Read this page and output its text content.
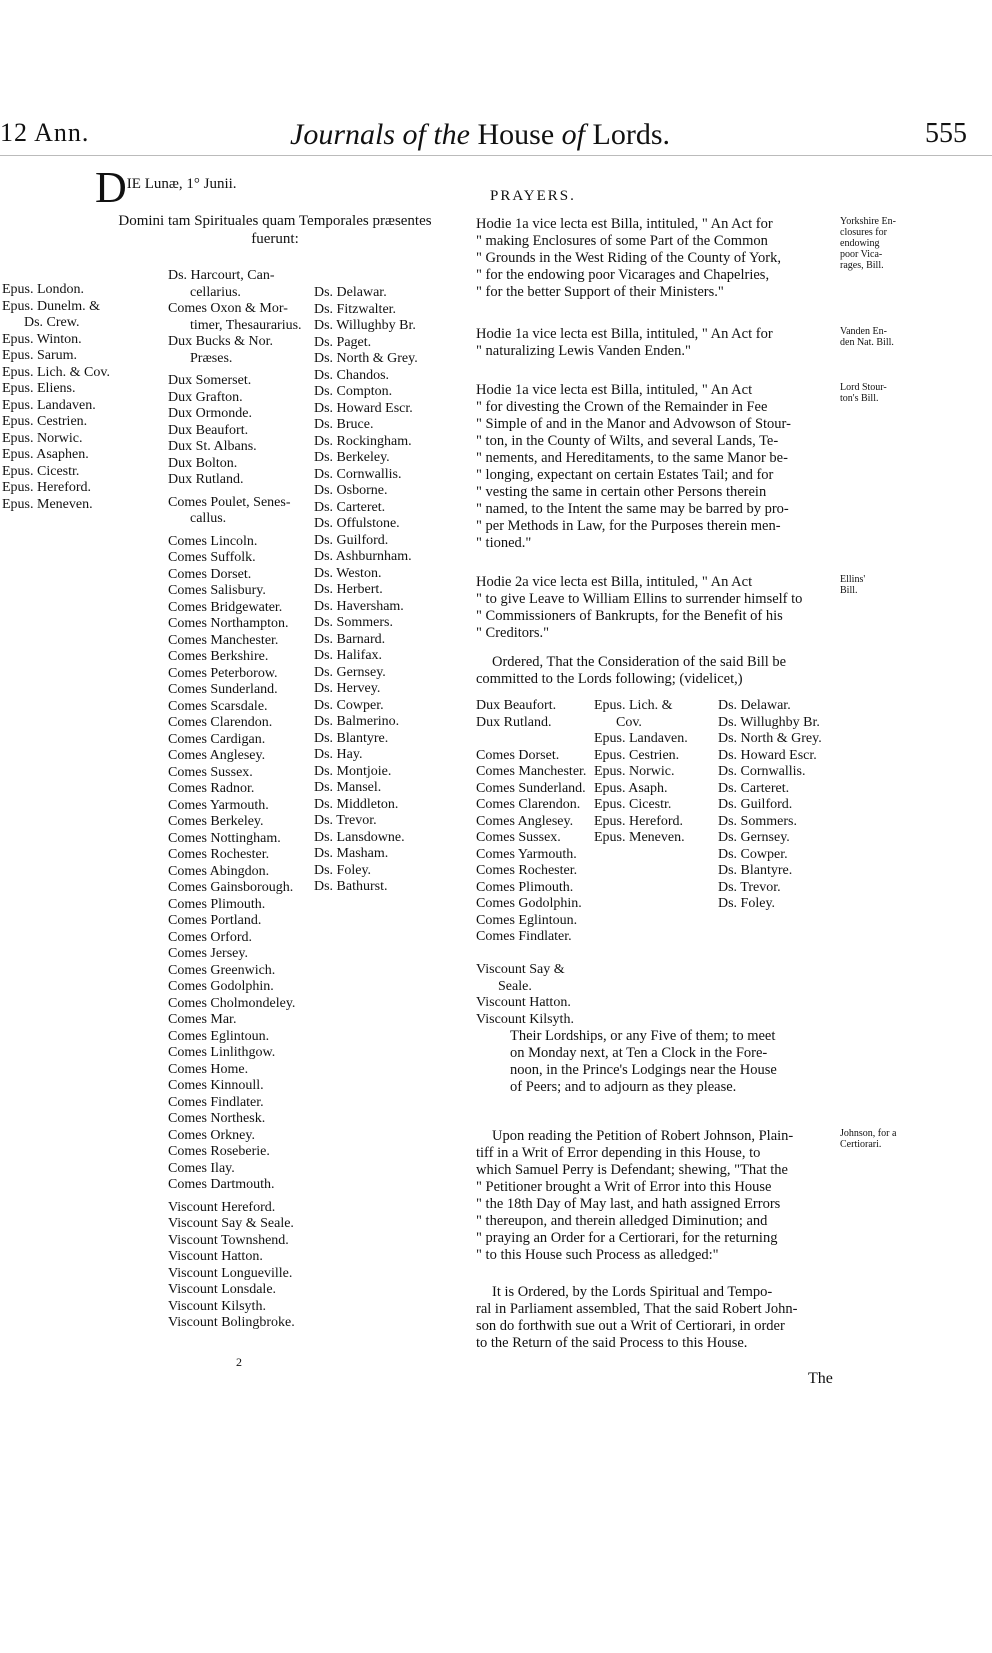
12 Ann.	Journals of the House of Lords.	555
DIE Lunæ, 1° Junii.
Domini tam Spirituales quam Temporales præsentes
fuerunt:
Epus. London.
Epus. Dunelm. &
Ds. Crew.
Epus. Winton.
Epus. Sarum.
Epus. Lich. & Cov.
Epus. Eliens.
Epus. Landaven.
Epus. Cestrien.
Epus. Norwic.
Epus. Asaphen.
Epus. Cicestr.
Epus. Hereford.
Epus. Meneven.
Ds. Harcourt, Can-
cellarius.
Comes Oxon & Mor-
timer, Thesaurarius.
Dux Bucks & Nor.
Præses.
Dux Somerset.
Dux Grafton.
Dux Ormonde.
Dux Beaufort.
Dux St. Albans.
Dux Bolton.
Dux Rutland.
Comes Poulet, Senes-
callus.
Comes Lincoln.
Comes Suffolk.
Comes Dorset.
Comes Salisbury.
Comes Bridgewater.
Comes Northampton.
Comes Manchester.
Comes Berkshire.
Comes Peterborow.
Comes Sunderland.
Comes Scarsdale.
Comes Clarendon.
Comes Cardigan.
Comes Anglesey.
Comes Sussex.
Comes Radnor.
Comes Yarmouth.
Comes Berkeley.
Comes Nottingham.
Comes Rochester.
Comes Abingdon.
Comes Gainsborough.
Comes Plimouth.
Comes Portland.
Comes Orford.
Comes Jersey.
Comes Greenwich.
Comes Godolphin.
Comes Cholmondeley.
Comes Mar.
Comes Eglintoun.
Comes Linlithgow.
Comes Home.
Comes Kinnoull.
Comes Findlater.
Comes Northesk.
Comes Orkney.
Comes Roseberie.
Comes Ilay.
Comes Dartmouth.
Viscount Hereford.
Viscount Say & Seale.
Viscount Townshend.
Viscount Hatton.
Viscount Longueville.
Viscount Lonsdale.
Viscount Kilsyth.
Viscount Bolingbroke.
2
Ds. Delawar.
Ds. Fitzwalter.
Ds. Willughby Br.
Ds. Paget.
Ds. North & Grey.
Ds. Chandos.
Ds. Compton.
Ds. Howard Escr.
Ds. Bruce.
Ds. Rockingham.
Ds. Berkeley.
Ds. Cornwallis.
Ds. Osborne.
Ds. Carteret.
Ds. Offulstone.
Ds. Guilford.
Ds. Ashburnham.
Ds. Weston.
Ds. Herbert.
Ds. Haversham.
Ds. Sommers.
Ds. Barnard.
Ds. Halifax.
Ds. Gernsey.
Ds. Hervey.
Ds. Cowper.
Ds. Balmerino.
Ds. Blantyre.
Ds. Hay.
Ds. Montjoie.
Ds. Mansel.
Ds. Middleton.
Ds. Trevor.
Ds. Lansdowne.
Ds. Masham.
Ds. Foley.
Ds. Bathurst.
PRAYERS.
Hodie 1a vice lecta est Billa, intituled, " An Act for
" making Enclosures of some Part of the Common
" Grounds in the West Riding of the County of York,
" for the endowing poor Vicarages and Chapelries,
" for the better Support of their Ministers."
Yorkshire En-
closures for
endowing
poor Vica-
rages, Bill.
Hodie 1a vice lecta est Billa, intituled, " An Act for
" naturalizing Lewis Vanden Enden."
Vanden En-
den Nat. Bill.
Hodie 1a vice lecta est Billa, intituled, " An Act
" for divesting the Crown of the Remainder in Fee
" Simple of and in the Manor and Advowson of Stour-
" ton, in the County of Wilts, and several Lands, Te-
" nements, and Hereditaments, to the same Manor be-
" longing, expectant on certain Estates Tail; and for
" vesting the same in certain other Persons therein
" named, to the Intent the same may be barred by pro-
" per Methods in Law, for the Purposes therein men-
" tioned."
Lord Stour-
ton's Bill.
Hodie 2a vice lecta est Billa, intituled, " An Act
" to give Leave to William Ellins to surrender himself to
" Commissioners of Bankrupts, for the Benefit of his
" Creditors."
Ellins'
Bill.
Ordered, That the Consideration of the said Bill be
committed to the Lords following; (videlicet,)
Dux Beaufort.
Dux Rutland.

Comes Dorset.
Comes Manchester.
Comes Sunderland.
Comes Clarendon.
Comes Anglesey.
Comes Sussex.
Comes Yarmouth.
Comes Rochester.
Comes Plimouth.
Comes Godolphin.
Comes Eglintoun.
Comes Findlater.

Viscount Say &
Seale.
Viscount Hatton.
Viscount Kilsyth.
Epus. Lich. &
Cov.
Epus. Landaven.
Epus. Cestrien.
Epus. Norwic.
Epus. Asaph.
Epus. Cicestr.
Epus. Hereford.
Epus. Meneven.
Ds. Delawar.
Ds. Willughby Br.
Ds. North & Grey.
Ds. Howard Escr.
Ds. Cornwallis.
Ds. Carteret.
Ds. Guilford.
Ds. Sommers.
Ds. Gernsey.
Ds. Cowper.
Ds. Blantyre.
Ds. Trevor.
Ds. Foley.
Their Lordships, or any Five of them; to meet
on Monday next, at Ten a Clock in the Fore-
noon, in the Prince's Lodgings near the House
of Peers; and to adjourn as they please.
Upon reading the Petition of Robert Johnson, Plain-
tiff in a Writ of Error depending in this House, to
which Samuel Perry is Defendant; shewing, "That the
" Petitioner brought a Writ of Error into this House
" the 18th Day of May last, and hath assigned Errors
" thereupon, and therein alledged Diminution; and
" praying an Order for a Certiorari, for the returning
" to this House such Process as alledged:"
Johnson, for a
Certiorari.
It is Ordered, by the Lords Spiritual and Tempo-
ral in Parliament assembled, That the said Robert John-
son do forthwith sue out a Writ of Certiorari, in order
to the Return of the said Process to this House.
The
